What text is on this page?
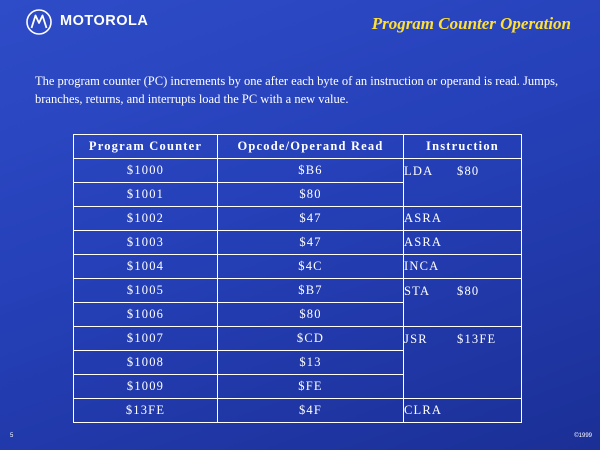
MOTOROLA	Program Counter Operation
The program counter (PC) increments by one after each byte of an instruction or operand is read. Jumps, branches, returns, and interrupts load the PC with a new value.
Program Counter	Opcode/Operand Read	Instruction
$1000	$B6	LDA $80
$1001	$80	
$1002	$47	ASRA
$1003	$47	ASRA
$1004	$4C	INCA
$1005	$B7	STA $80
$1006	$80	
$1007	$CD	JSR $13FE
$1008	$13	
$1009	$FE	
$13FE	$4F	CLRA
5	©1999
